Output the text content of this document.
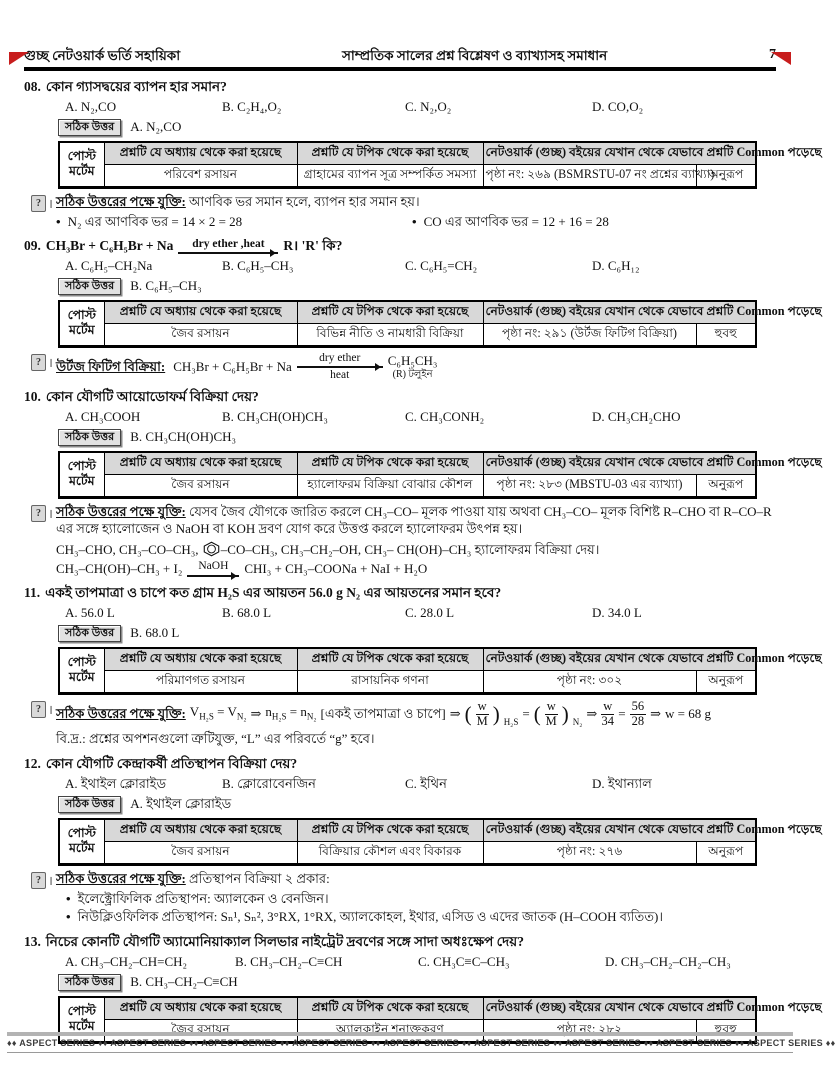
গুচ্ছ নেটওয়ার্ক ভর্তি সহায়িকা	সাম্প্রতিক সালের প্রশ্ন বিশ্লেষণ ও ব্যাখ্যাসহ সমাধান	7
08. কোন গ্যাসদ্বয়ের ব্যাপন হার সমান?
A. N₂,CO	B. C₂H₄,O₂	C. N₂,O₂	D. CO,O₂
সঠিক উত্তর	A. N₂,CO
পোস্ট
মর্টেম	প্রশ্নটি যে অধ্যায় থেকে করা হয়েছে	প্রশ্নটি যে টপিক থেকে করা হয়েছে	নেটওয়ার্ক (গুচ্ছ) বইয়ের যেখান থেকে যেভাবে প্রশ্নটি Common পড়েছে	
	পরিবেশ রসায়ন	গ্রাহামের ব্যাপন সূত্র সম্পর্কিত সমস্যা	পৃষ্ঠা নং: ২৬৯ (BSMRSTU-07 নং প্রশ্নের ব্যাখ্যা)	অনুরূপ
? । সঠিক উত্তরের পক্ষে যুক্তি: আণবিক ভর সমান হলে, ব্যাপন হার সমান হয়।
• N₂ এর আণবিক ভর = 14 × 2 = 28	• CO এর আণবিক ভর = 12 + 16 = 28
09. CH₃Br + C₆H₅Br + Na dry ether ,heat R। 'R' কি?
A. C₆H₅–CH₂Na	B. C₆H₅–CH₃	C. C₆H₅=CH₂	D. C₆H₁₂
সঠিক উত্তর	B. C₆H₅–CH₃
পোস্ট
মর্টেম	প্রশ্নটি যে অধ্যায় থেকে করা হয়েছে	প্রশ্নটি যে টপিক থেকে করা হয়েছে	নেটওয়ার্ক (গুচ্ছ) বইয়ের যেখান থেকে যেভাবে প্রশ্নটি Common পড়েছে	
	জৈব রসায়ন	বিভিন্ন নীতি ও নামধারী বিক্রিয়া	পৃষ্ঠা নং: ২৯১ (উর্টজ ফিটিগ বিক্রিয়া)	হুবহু
? । উর্টজ ফিটিগ বিক্রিয়া: CH₃Br + C₆H₅Br + Na
dry ether
heat
C₆H₅CH₃
(R) টলুইন
10. কোন যৌগটি আয়োডোফর্ম বিক্রিয়া দেয়?
A. CH₃COOH	B. CH₃CH(OH)CH₃	C. CH₃CONH₂	D. CH₃CH₂CHO
সঠিক উত্তর	B. CH₃CH(OH)CH₃
পোস্ট
মর্টেম	প্রশ্নটি যে অধ্যায় থেকে করা হয়েছে	প্রশ্নটি যে টপিক থেকে করা হয়েছে	নেটওয়ার্ক (গুচ্ছ) বইয়ের যেখান থেকে যেভাবে প্রশ্নটি Common পড়েছে	
	জৈব রসায়ন	হ্যালোফরম বিক্রিয়া বোঝার কৌশল	পৃষ্ঠা নং: ২৮৩ (MBSTU-03 এর ব্যাখ্যা)	অনুরূপ
? । সঠিক উত্তরের পক্ষে যুক্তি: যেসব জৈব যৌগকে জারিত করলে CH₃–CO– মূলক পাওয়া যায় অথবা CH₃–CO– মূলক বিশিষ্ট R–CHO বা R–CO–R এর সঙ্গে হ্যালোজেন ও NaOH বা KOH দ্রবণ যোগ করে উত্তপ্ত করলে হ্যালোফরম উৎপন্ন হয়।
CH₃–CHO, CH₃–CO–CH₃, –CO–CH₃, CH₃–CH₂–OH, CH₃– CH(OH)–CH₃ হ্যালোফরম বিক্রিয়া দেয়।
CH₃–CH(OH)–CH₃ + I₂ NaOH CHI₃ + CH₃–COONa + NaI + H₂O
11. একই তাপমাত্রা ও চাপে কত গ্রাম H₂S এর আয়তন 56.0 g N₂ এর আয়তনের সমান হবে?
A. 56.0 L	B. 68.0 L	C. 28.0 L	D. 34.0 L
সঠিক উত্তর	B. 68.0 L
পোস্ট
মর্টেম	প্রশ্নটি যে অধ্যায় থেকে করা হয়েছে	প্রশ্নটি যে টপিক থেকে করা হয়েছে	নেটওয়ার্ক (গুচ্ছ) বইয়ের যেখান থেকে যেভাবে প্রশ্নটি Common পড়েছে	
	পরিমাণগত রসায়ন	রাসায়নিক গণনা	পৃষ্ঠা নং: ৩০২	অনুরূপ
? । সঠিক উত্তরের পক্ষে যুক্তি: $V_{H_2S} = V_{N_2}$ ⇒ $n_{H_2S} = n_{N_2}$ [একই তাপমাত্রা ও চাপে] ⇒ ( $\frac{w}{M}$ ) $_{H_2S}$
= ( $\frac{w}{M}$ ) $_{N_2}$
⇒ $\frac{w}{34} = \frac{56}{28}$ ⇒ w = 68 g
বি.দ্র.: প্রশ্নের অপশনগুলো ত্রুটিযুক্ত, “L” এর পরিবর্তে “g” হবে।
12. কোন যৌগটি কেন্দ্রাকর্ষী প্রতিস্থাপন বিক্রিয়া দেয়?
A. ইথাইল ক্লোরাইড	B. ক্লোরোবেনজিন	C. ইথিন	D. ইথান্যাল
সঠিক উত্তর	A. ইথাইল ক্লোরাইড
পোস্ট
মর্টেম	প্রশ্নটি যে অধ্যায় থেকে করা হয়েছে	প্রশ্নটি যে টপিক থেকে করা হয়েছে	নেটওয়ার্ক (গুচ্ছ) বইয়ের যেখান থেকে যেভাবে প্রশ্নটি Common পড়েছে	
	জৈব রসায়ন	বিক্রিয়ার কৌশল এবং বিকারক	পৃষ্ঠা নং: ২৭৬	অনুরূপ
? । সঠিক উত্তরের পক্ষে যুক্তি: প্রতিস্থাপন বিক্রিয়া ২ প্রকার:
• ইলেক্ট্রোফিলিক প্রতিস্থাপন: অ্যালকেন ও বেনজিন।
• নিউক্লিওফিলিক প্রতিস্থাপন: Sₙ¹, Sₙ², 3°RX, 1°RX, অ্যালকোহল, ইথার, এসিড ও এদের জাতক (H–COOH ব্যতিত)।
13. নিচের কোনটি যৌগটি অ্যামোনিয়াক্যাল সিলভার নাইট্রেট দ্রবণের সঙ্গে সাদা অধঃক্ষেপ দেয়?
A. CH₃–CH₂–CH=CH₂	B. CH₃–CH₂–C≡CH	C. CH₃C≡C–CH₃	D. CH₃–CH₂–CH₂–CH₃
সঠিক উত্তর	B. CH₃–CH₂–C≡CH
পোস্ট
মর্টেম	প্রশ্নটি যে অধ্যায় থেকে করা হয়েছে	প্রশ্নটি যে টপিক থেকে করা হয়েছে	নেটওয়ার্ক (গুচ্ছ) বইয়ের যেখান থেকে যেভাবে প্রশ্নটি Common পড়েছে	
	জৈব রসায়ন	অ্যালকাইন শনাক্তকরণ	পৃষ্ঠা নং: ২৮২	হুবহু
♦♦ ASPECT SERIES ♦♦ ASPECT SERIES ♦♦ ASPECT SERIES ♦♦ ASPECT SERIES ♦♦ ASPECT SERIES ♦♦ ASPECT SERIES ♦♦ ASPECT SERIES ♦♦ ASPECT SERIES ♦♦ ASPECT SERIES ♦♦
